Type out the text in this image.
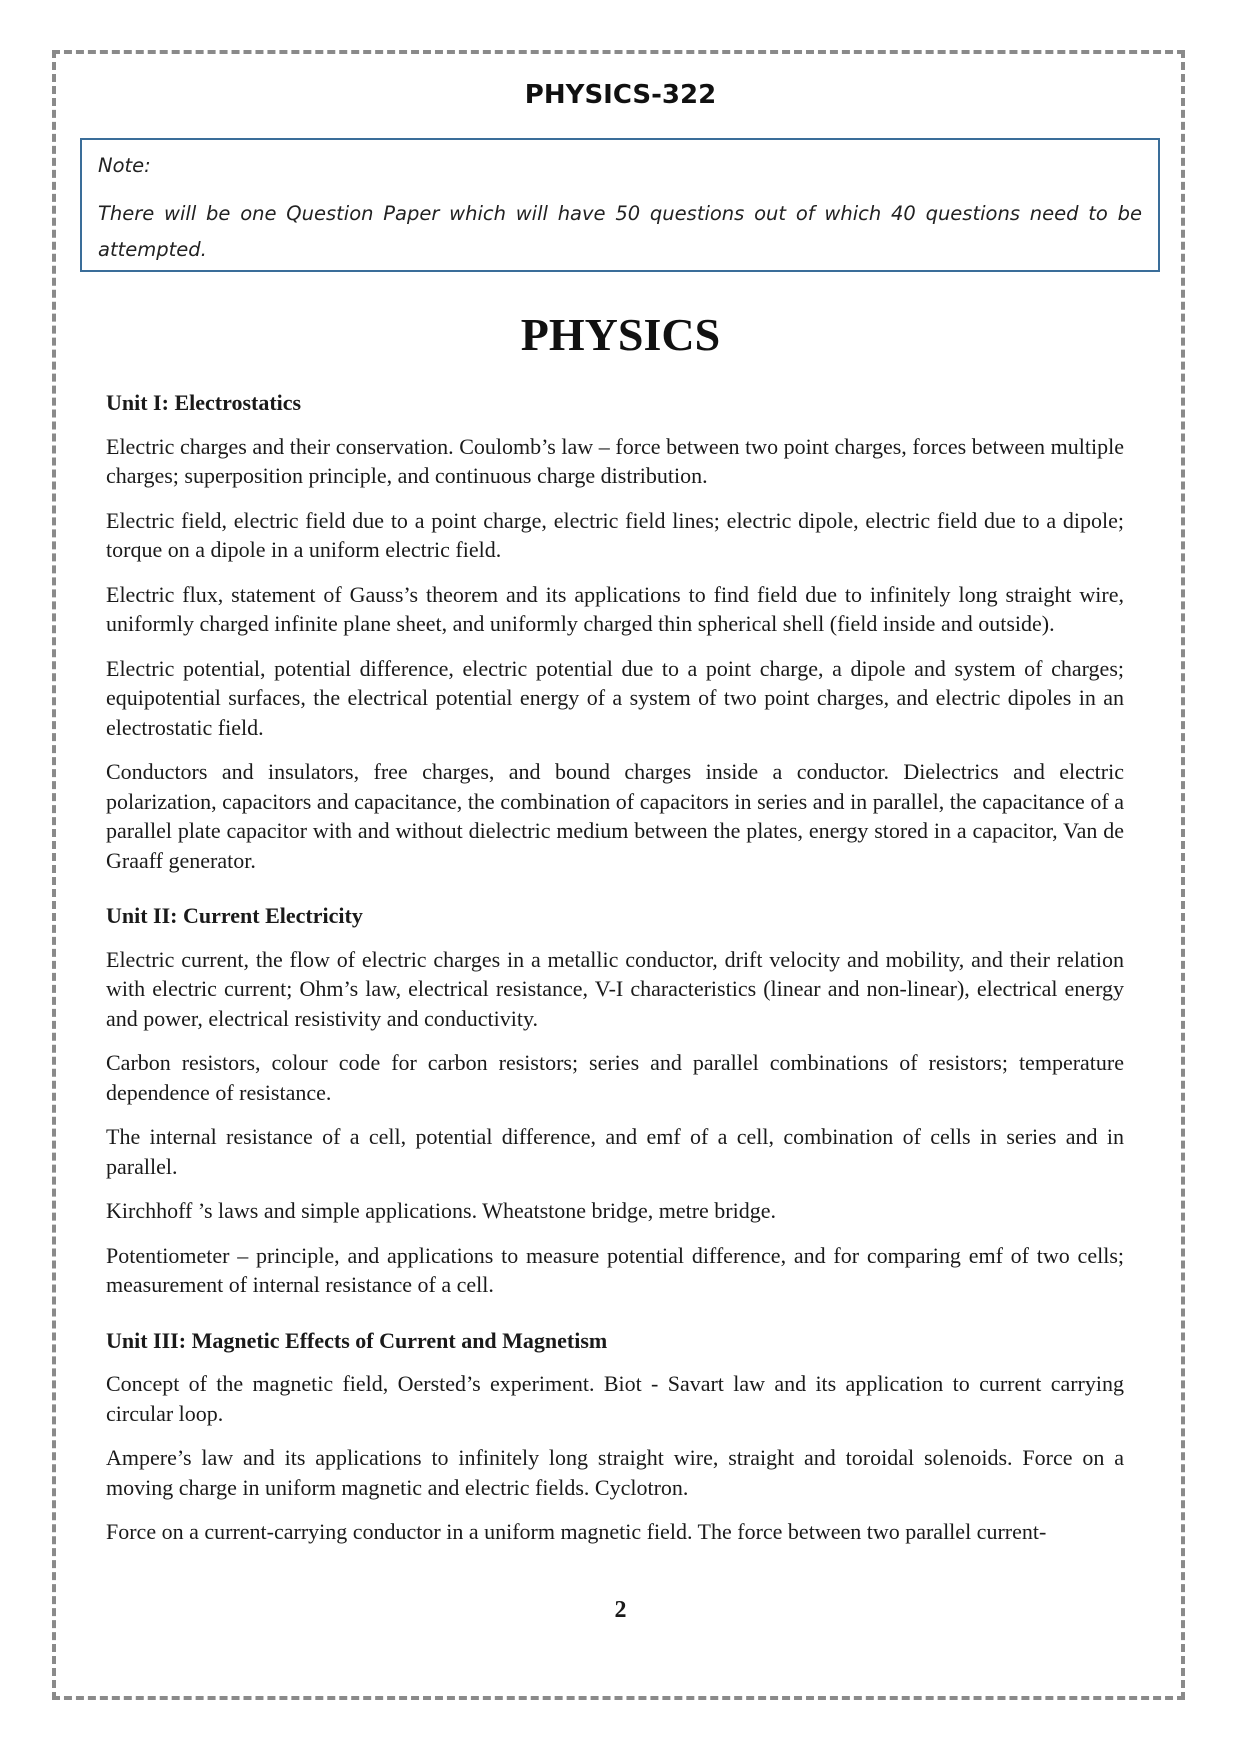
PHYSICS-322

Note:

There will be one Question Paper which will have 50 questions out of which 40 questions need to be attempted.

PHYSICS
Unit I: Electrostatics

Electric charges and their conservation. Coulomb’s law – force between two point charges, forces between multiple charges; superposition principle, and continuous charge distribution.

Electric field, electric field due to a point charge, electric field lines; electric dipole, electric field due to a dipole; torque on a dipole in a uniform electric field.

Electric flux, statement of Gauss’s theorem and its applications to find field due to infinitely long straight wire, uniformly charged infinite plane sheet, and uniformly charged thin spherical shell (field inside and outside).

Electric potential, potential difference, electric potential due to a point charge, a dipole and system of charges; equipotential surfaces, the electrical potential energy of a system of two point charges, and electric dipoles in an electrostatic field.

Conductors and insulators, free charges, and bound charges inside a conductor. Dielectrics and electric polarization, capacitors and capacitance, the combination of capacitors in series and in parallel, the capacitance of a parallel plate capacitor with and without dielectric medium between the plates, energy stored in a capacitor, Van de Graaff generator.

Unit II: Current Electricity

Electric current, the flow of electric charges in a metallic conductor, drift velocity and mobility, and their relation with electric current; Ohm’s law, electrical resistance, V-I characteristics (linear and non-linear), electrical energy and power, electrical resistivity and conductivity.

Carbon resistors, colour code for carbon resistors; series and parallel combinations of resistors; temperature dependence of resistance.

The internal resistance of a cell, potential difference, and emf of a cell, combination of cells in series and in parallel.

Kirchhoff ’s laws and simple applications. Wheatstone bridge, metre bridge.

Potentiometer – principle, and applications to measure potential difference, and for comparing emf of two cells; measurement of internal resistance of a cell.

Unit III: Magnetic Effects of Current and Magnetism

Concept of the magnetic field, Oersted’s experiment. Biot - Savart law and its application to current carrying circular loop.

Ampere’s law and its applications to infinitely long straight wire, straight and toroidal solenoids. Force on a moving charge in uniform magnetic and electric fields. Cyclotron.

Force on a current-carrying conductor in a uniform magnetic field. The force between two parallel current-

2
